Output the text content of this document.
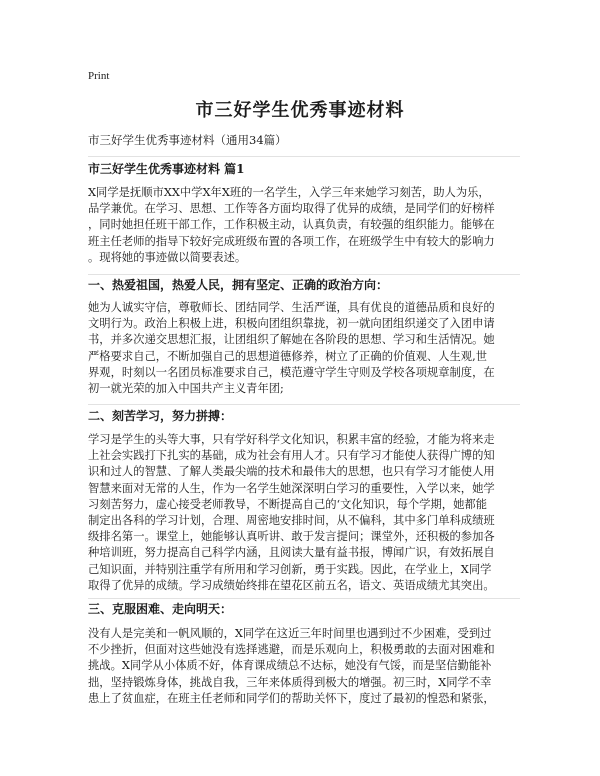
Print
市三好学生优秀事迹材料
市三好学生优秀事迹材料（通用34篇）
市三好学生优秀事迹材料 篇1
X同学是抚顺市XX中学X年X班的一名学生，入学三年来她学习刻苦，助人为乐，
品学兼优。在学习、思想、工作等各方面均取得了优异的成绩，是同学们的好榜样
，同时她担任班干部工作，工作积极主动，认真负责，有较强的组织能力。能够在
班主任老师的指导下较好完成班级布置的各项工作，在班级学生中有较大的影响力
。现将她的事迹做以简要表述。
一、热爱祖国，热爱人民，拥有坚定、正确的政治方向：
她为人诚实守信，尊敬师长、团结同学、生活严谨，具有优良的道德品质和良好的
文明行为。政治上积极上进，积极向团组织靠拢，初一就向团组织递交了入团申请
书，并多次递交思想汇报，让团组织了解她在各阶段的思想、学习和生活情况。她
严格要求自己，不断加强自己的思想道德修养，树立了正确的价值观、人生观,世
界观，时刻以一名团员标准要求自己，模范遵守学生守则及学校各项规章制度，在
初一就光荣的加入中国共产主义青年团;
二、刻苦学习，努力拼搏：
学习是学生的头等大事，只有学好科学文化知识，积累丰富的经验，才能为将来走
上社会实践打下扎实的基础，成为社会有用人才。只有学习才能使人获得广博的知
识和过人的智慧、了解人类最尖端的技术和最伟大的思想，也只有学习才能使人用
智慧来面对无常的人生，作为一名学生她深深明白学习的重要性，入学以来，她学
习刻苦努力，虚心接受老师教导，不断提高自己的‘文化知识，每个学期，她都能
制定出各科的学习计划，合理、周密地安排时间，从不偏科，其中多门单科成绩班
级排名第一。课堂上，她能够认真听讲、敢于发言提问；课堂外，还积极的参加各
种培训班，努力提高自己科学内涵，且阅读大量有益书报，博闻广识，有效拓展自
己知识面，并特别注重学有所用和学习创新，勇于实践。因此，在学业上，X同学
取得了优异的成绩。学习成绩始终排在望花区前五名，语文、英语成绩尤其突出。
三、克服困难、走向明天：
没有人是完美和一帆风顺的，X同学在这近三年时间里也遇到过不少困难，受到过
不少挫折，但面对这些她没有选择逃避，而是乐观向上，积极勇敢的去面对困难和
挑战。X同学从小体质不好，体育课成绩总不达标，她没有气馁，而是坚信勤能补
拙，坚持锻炼身体，挑战自我，三年来体质得到极大的增强。初三时，X同学不幸
患上了贫血症，在班主任老师和同学们的帮助关怀下，度过了最初的惶恐和紧张，
